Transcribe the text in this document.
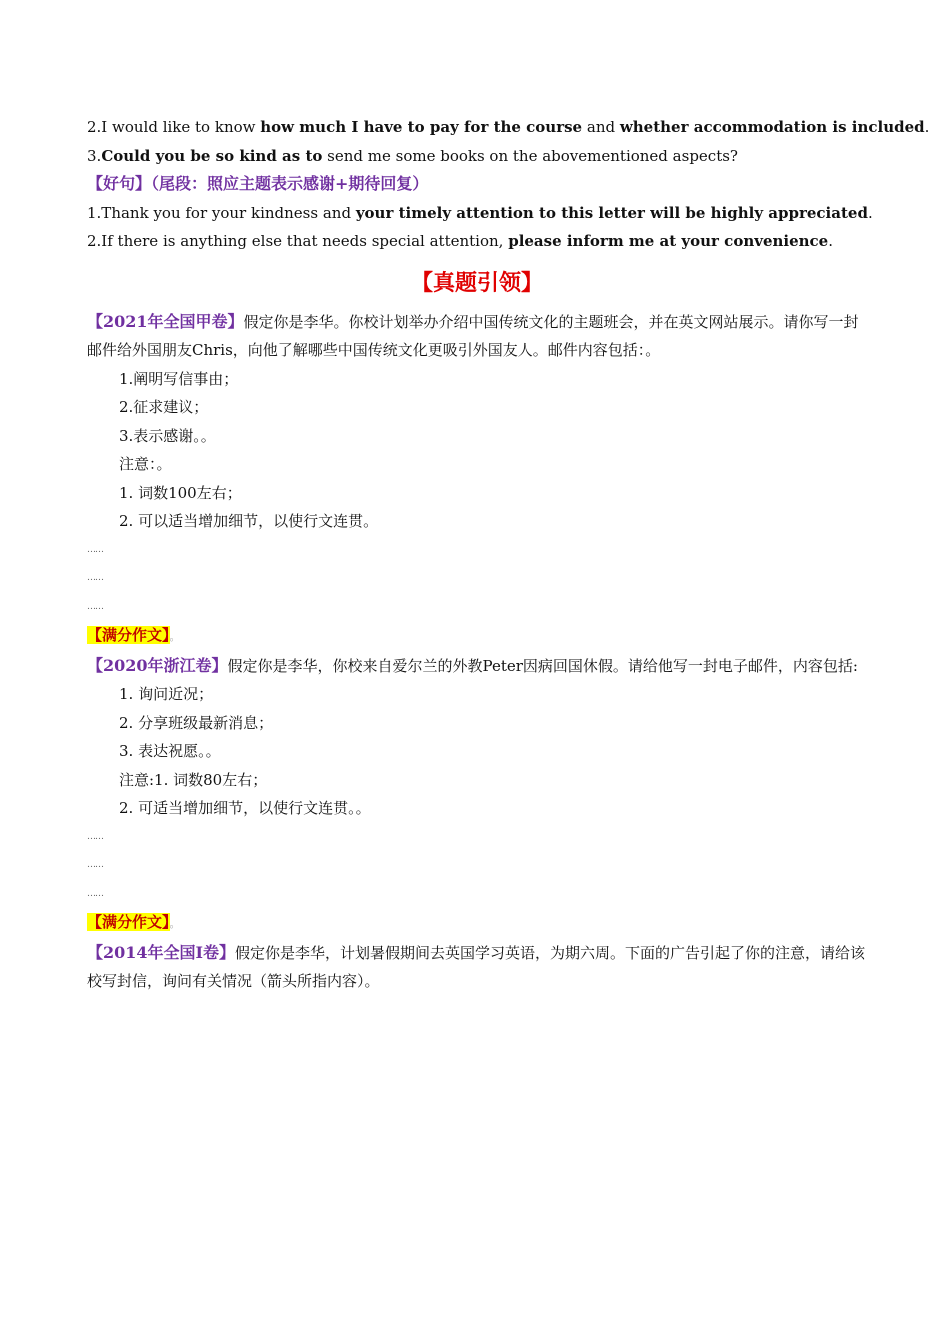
2.I would like to know how much I have to pay for the course and whether accommodation is included.
3.Could you be so kind as to send me some books on the abovementioned aspects?
【好句】（尾段：照应主题表示感谢+期待回复）
1.Thank you for your kindness and your timely attention to this letter will be highly appreciated.
2.If there is anything else that needs special attention, please inform me at your convenience.
【真题引领】
【2021年全国甲卷】假定你是李华。你校计划举办介绍中国传统文化的主题班会，并在英文网站展示。请你写一封邮件给外国朋友Chris，向他了解哪些中国传统文化更吸引外国友人。邮件内容包括：。
1.阐明写信事由；
2.征求建议；
3.表示感谢。。
注意：。
1. 词数100左右；
2. 可以适当增加细节，以使行文连贯。
……
……
……
【满分作文】。
【2020年浙江卷】假定你是李华，你校来自爱尔兰的外教Peter因病回国休假。请给他写一封电子邮件，内容包括:
1. 询问近况；
2. 分享班级最新消息；
3. 表达祝愿。。
注意:1. 词数80左右；
2. 可适当增加细节，以使行文连贯。。
……
……
……
【满分作文】。
【2014年全国I卷】假定你是李华，计划暑假期间去英国学习英语，为期六周。下面的广告引起了你的注意，请给该校写封信，询问有关情况（箭头所指内容）。
